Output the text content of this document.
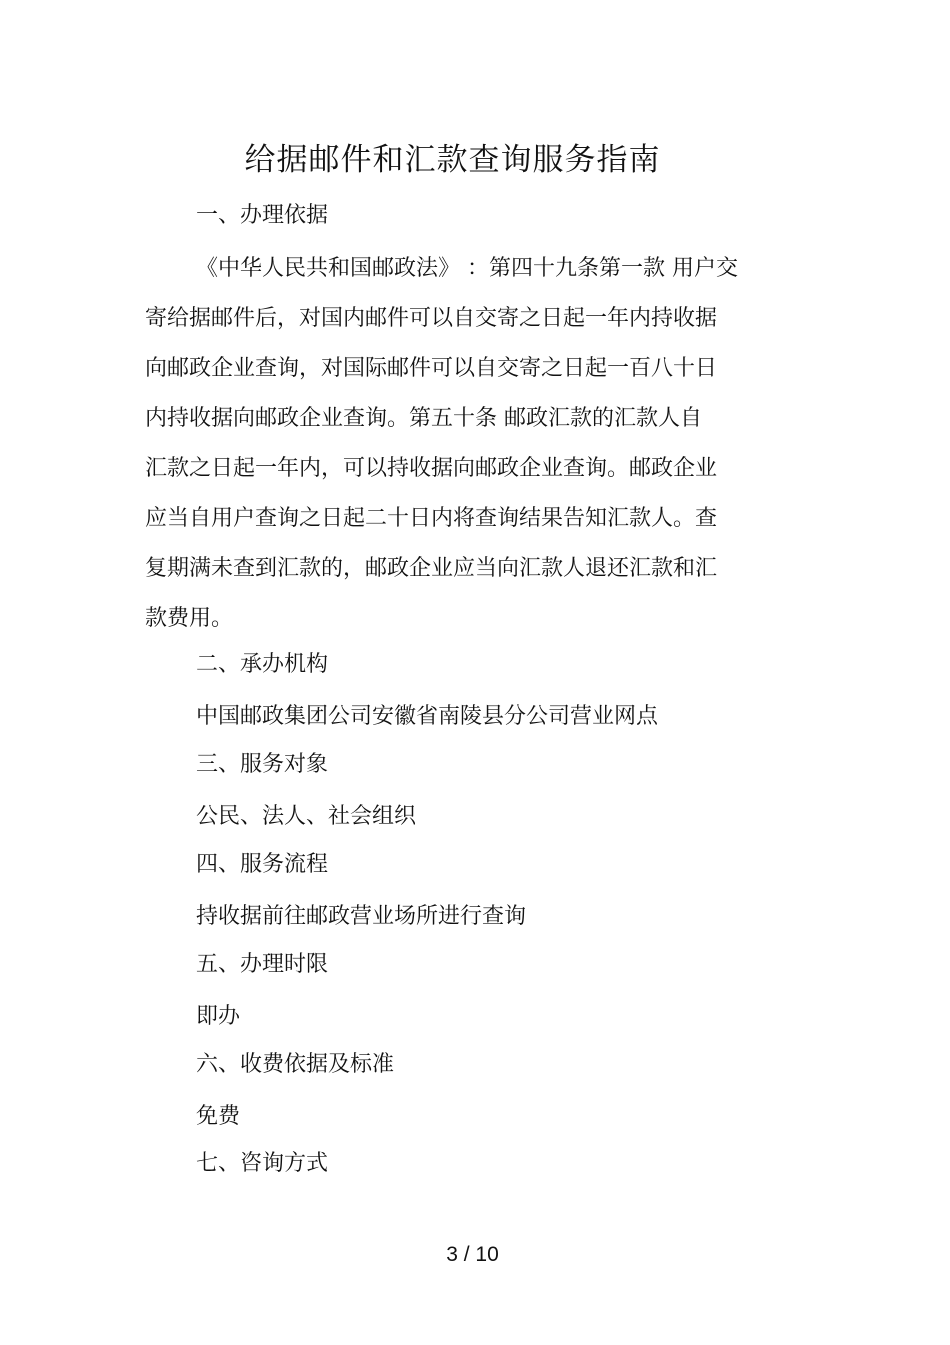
给据邮件和汇款查询服务指南
一、办理依据
《中华人民共和国邮政法》 ：第四十九条第一款 用户交
寄给据邮件后，对国内邮件可以自交寄之日起一年内持收据
向邮政企业查询，对国际邮件可以自交寄之日起一百八十日
内持收据向邮政企业查询。第五十条 邮政汇款的汇款人自
汇款之日起一年内，可以持收据向邮政企业查询。邮政企业
应当自用户查询之日起二十日内将查询结果告知汇款人。查
复期满未查到汇款的，邮政企业应当向汇款人退还汇款和汇
款费用。
二、承办机构
中国邮政集团公司安徽省南陵县分公司营业网点
三、服务对象
公民、法人、社会组织
四、服务流程
持收据前往邮政营业场所进行查询
五、办理时限
即办
六、收费依据及标准
免费
七、咨询方式
3 / 10
